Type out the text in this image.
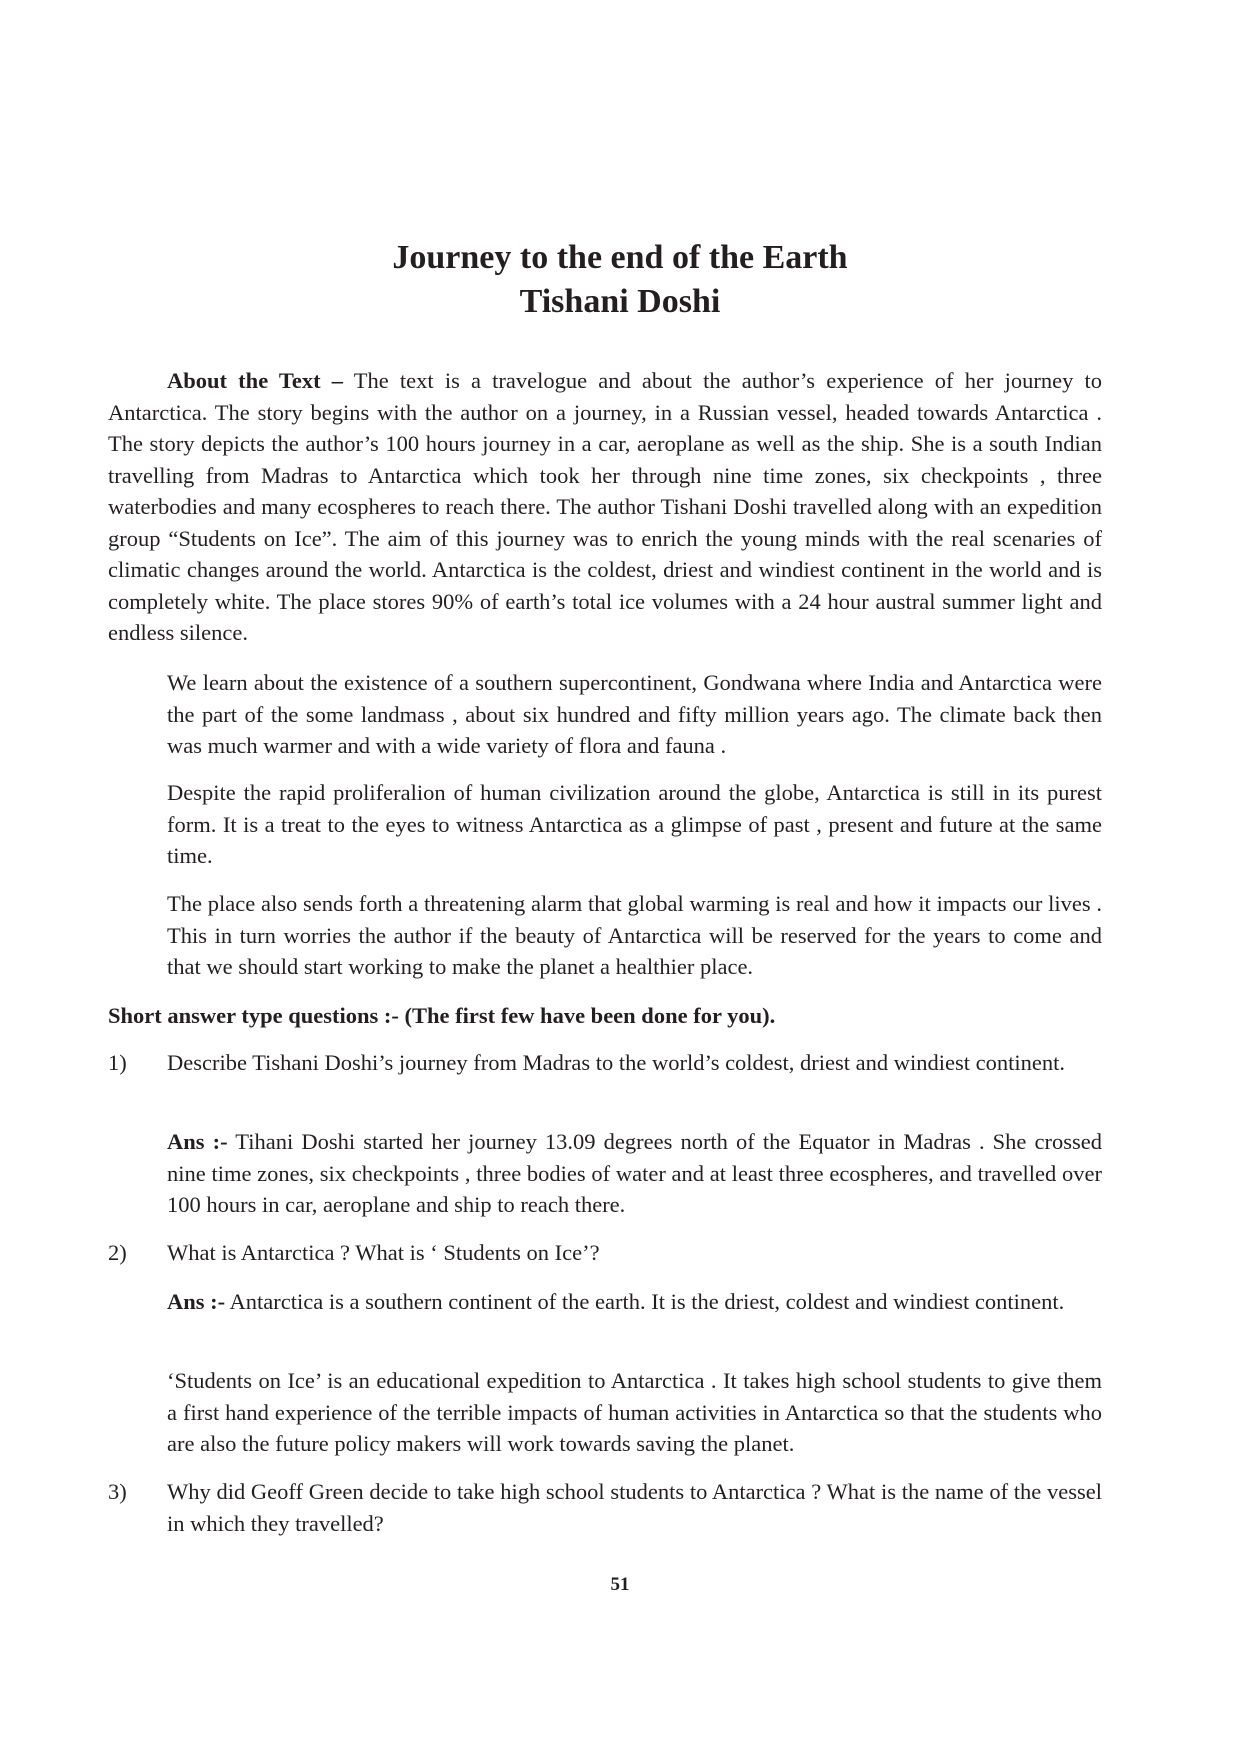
Journey to the end of the Earth
Tishani Doshi

About the Text – The text is a travelogue and about the author’s experience of her journey to Antarctica. The story begins with the author on a journey, in a Russian vessel, headed towards Antarctica . The story depicts the author’s 100 hours journey in a car, aeroplane as well as the ship. She is a south Indian travelling from Madras to Antarctica which took her through nine time zones, six checkpoints , three waterbodies and many ecospheres to reach there. The author Tishani Doshi travelled along with an expedition group “Students on Ice”. The aim of this journey was to enrich the young minds with the real scenaries of climatic changes around the world. Antarctica is the coldest, driest and windiest continent in the world and is completely white. The place stores 90% of earth’s total ice volumes with a 24 hour austral summer light and endless silence.

We learn about the existence of a southern supercontinent, Gondwana where India and Antarctica were the part of the some landmass , about six hundred and fifty million years ago. The climate back then was much warmer and with a wide variety of flora and fauna .

Despite the rapid proliferalion of human civilization around the globe, Antarctica is still in its purest form. It is a treat to the eyes to witness Antarctica as a glimpse of past , present and future at the same time.

The place also sends forth a threatening alarm that global warming is real and how it impacts our lives . This in turn worries the author if the beauty of Antarctica will be reserved for the years to come and that we should start working to make the planet a healthier place.

Short answer type questions :- (The first few have been done for you).

1) Describe Tishani Doshi’s journey from Madras to the world’s coldest, driest and windiest continent.

Ans :- Tihani Doshi started her journey 13.09 degrees north of the Equator in Madras . She crossed nine time zones, six checkpoints , three bodies of water and at least three ecospheres, and travelled over 100 hours in car, aeroplane and ship to reach there.

2) What is Antarctica ? What is ‘ Students on Ice’?

Ans :- Antarctica is a southern continent of the earth. It is the driest, coldest and windiest continent.

‘Students on Ice’ is an educational expedition to Antarctica . It takes high school students to give them a first hand experience of the terrible impacts of human activities in Antarctica so that the students who are also the future policy makers will work towards saving the planet.

3) Why did Geoff Green decide to take high school students to Antarctica ? What is the name of the vessel in which they travelled?

51
